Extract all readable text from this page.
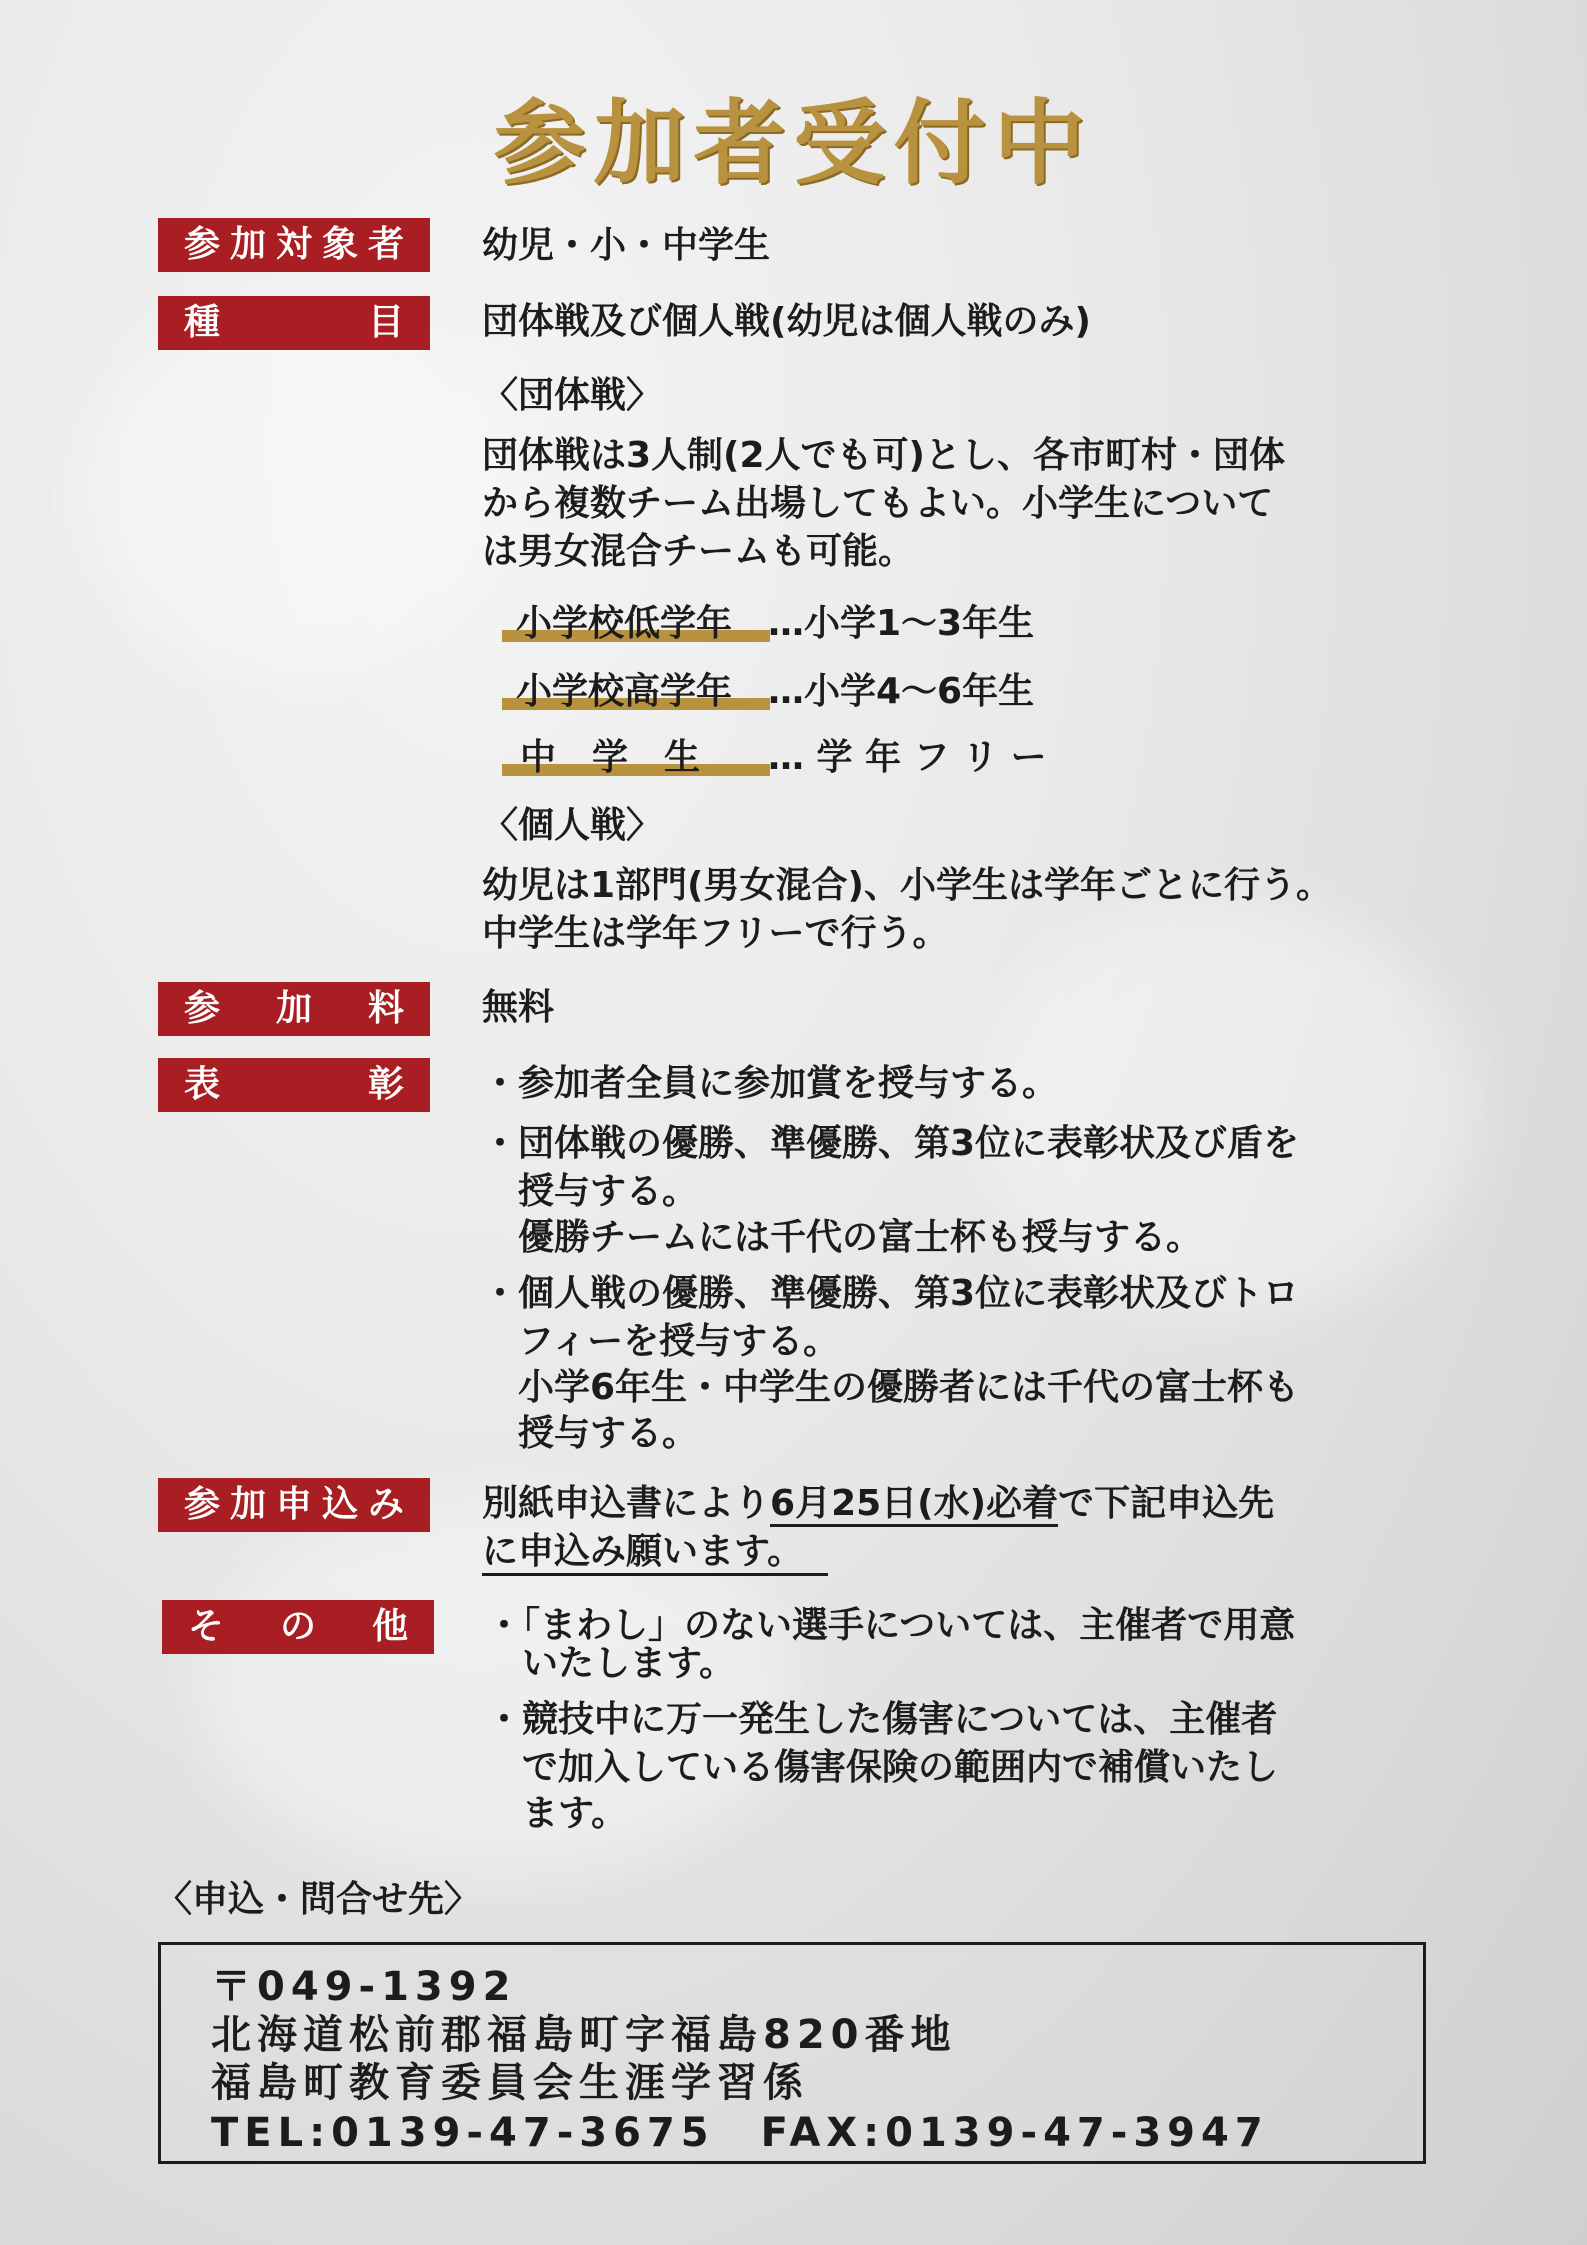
参加者受付中
参 加 対 象 者 幼児・小・中学生
種	目 団体戦及び個人戦(幼児は個人戦のみ)
〈団体戦〉
団体戦は3人制(2人でも可)とし、各市町村・団体
から複数チーム出場してもよい。小学生について
は男女混合チームも可能。
小学校低学年 …小学1〜3年生
小学校高学年 …小学4〜6年生
中　学　生 … 学 年 フ リ ー
〈個人戦〉
幼児は1部門(男女混合)、小学生は学年ごとに行う。
中学生は学年フリーで行う。
参 加 料 無料
表	彰 ・参加者全員に参加賞を授与する。
・団体戦の優勝、準優勝、第3位に表彰状及び盾を
　授与する。
　優勝チームには千代の富士杯も授与する。
・個人戦の優勝、準優勝、第3位に表彰状及びトロ
　フィーを授与する。
　小学6年生・中学生の優勝者には千代の富士杯も
　授与する。
参 加 申 込 み 別紙申込書により6月25日(水)必着で下記申込先
に申込み願います。
そ の 他 ・「まわし」のない選手については、主催者で用意
　いたします。
・競技中に万一発生した傷害については、主催者
　で加入している傷害保険の範囲内で補償いたし
　ます。
〈申込・問合せ先〉
〒049-1392
北海道松前郡福島町字福島820番地
福島町教育委員会生涯学習係
TEL:0139-47-3675　FAX:0139-47-3947
